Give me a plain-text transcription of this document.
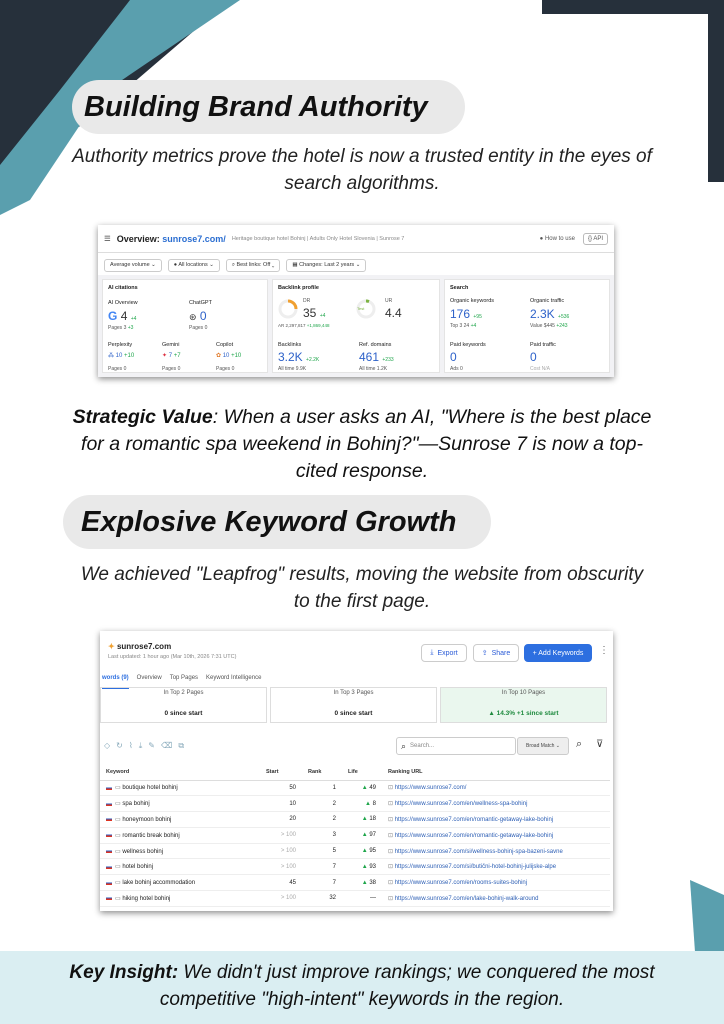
Building Brand Authority

Authority metrics prove the hotel is now a trusted entity in the eyes of search algorithms.

☰ Overview: sunrose7.com/ Heritage boutique hotel Bohinj | Adults Only Hotel Slovenia | Sunrose 7	● How to use	{} API
Average volume ⌄	● All locations ⌄	⌕ Best links: Off ⌄	▦ Changes: Last 2 years ⌄
AI citations
AI Overview
G 4 +4
Pages 3 +3
ChatGPT
⊛ 0
Pages 0
Perplexity
⁂ 10 +10
Pages 0
Gemini
✦ 7 +7
Pages 0
Copilot
✿ 10 +10
Pages 0
Backlink profile
DR
35 +4
AR 2,297,817 +1,869,448
Test
UR
4.4
Backlinks
3.2K +2.2K
All time 9.9K
Ref. domains
461 +233
All time 1.2K
Search
Organic keywords
176 +95
Top 3 24 +4
Organic traffic
2.3K +536
Value $445 +243
Paid keywords
0
Ads 0
Paid traffic
0
Cost N/A

Strategic Value: When a user asks an AI, "Where is the best place for a romantic spa weekend in Bohinj?"—Sunrose 7 is now a top-cited response.

Explosive Keyword Growth

We achieved "Leapfrog" results, moving the website from obscurity to the first page.

✦ sunrose7.com
Last updated: 1 hour ago (Mar 10th, 2026 7:31 UTC)
⤓ Export	⇪ Share	+ Add Keywords ⋮
words (9) Overview Top Pages Keyword Intelligence
In Top 2 Pages
0 since start
In Top 3 Pages
0 since start
In Top 10 Pages
▲ 14.3% +1 since start
◇↻⌇⤓✎⌫⧉	⌕ Search...	Broad Match ⌄	⌕ ⊽
Keyword	Start	Rank	Life	Ranking URL
▭ boutique hotel bohinj	50	1	▲ 49	⊡ https://www.sunrose7.com/
▭ spa bohinj	10	2	▲ 8	⊡ https://www.sunrose7.com/en/wellness-spa-bohinj
▭ honeymoon bohinj	20	2	▲ 18	⊡ https://www.sunrose7.com/en/romantic-getaway-lake-bohinj
▭ romantic break bohinj	> 100	3	▲ 97	⊡ https://www.sunrose7.com/en/romantic-getaway-lake-bohinj
▭ wellness bohinj	> 100	5	▲ 95	⊡ https://www.sunrose7.com/si/wellness-bohinj-spa-bazeni-savne
▭ hotel bohinj	> 100	7	▲ 93	⊡ https://www.sunrose7.com/si/butični-hotel-bohinj-julijske-alpe
▭ lake bohinj accommodation	45	7	▲ 38	⊡ https://www.sunrose7.com/en/rooms-suites-bohinj
▭ hiking hotel bohinj	> 100	32	—	⊡ https://www.sunrose7.com/en/lake-bohinj-walk-around

Key Insight: We didn't just improve rankings; we conquered the most competitive "high-intent" keywords in the region.
